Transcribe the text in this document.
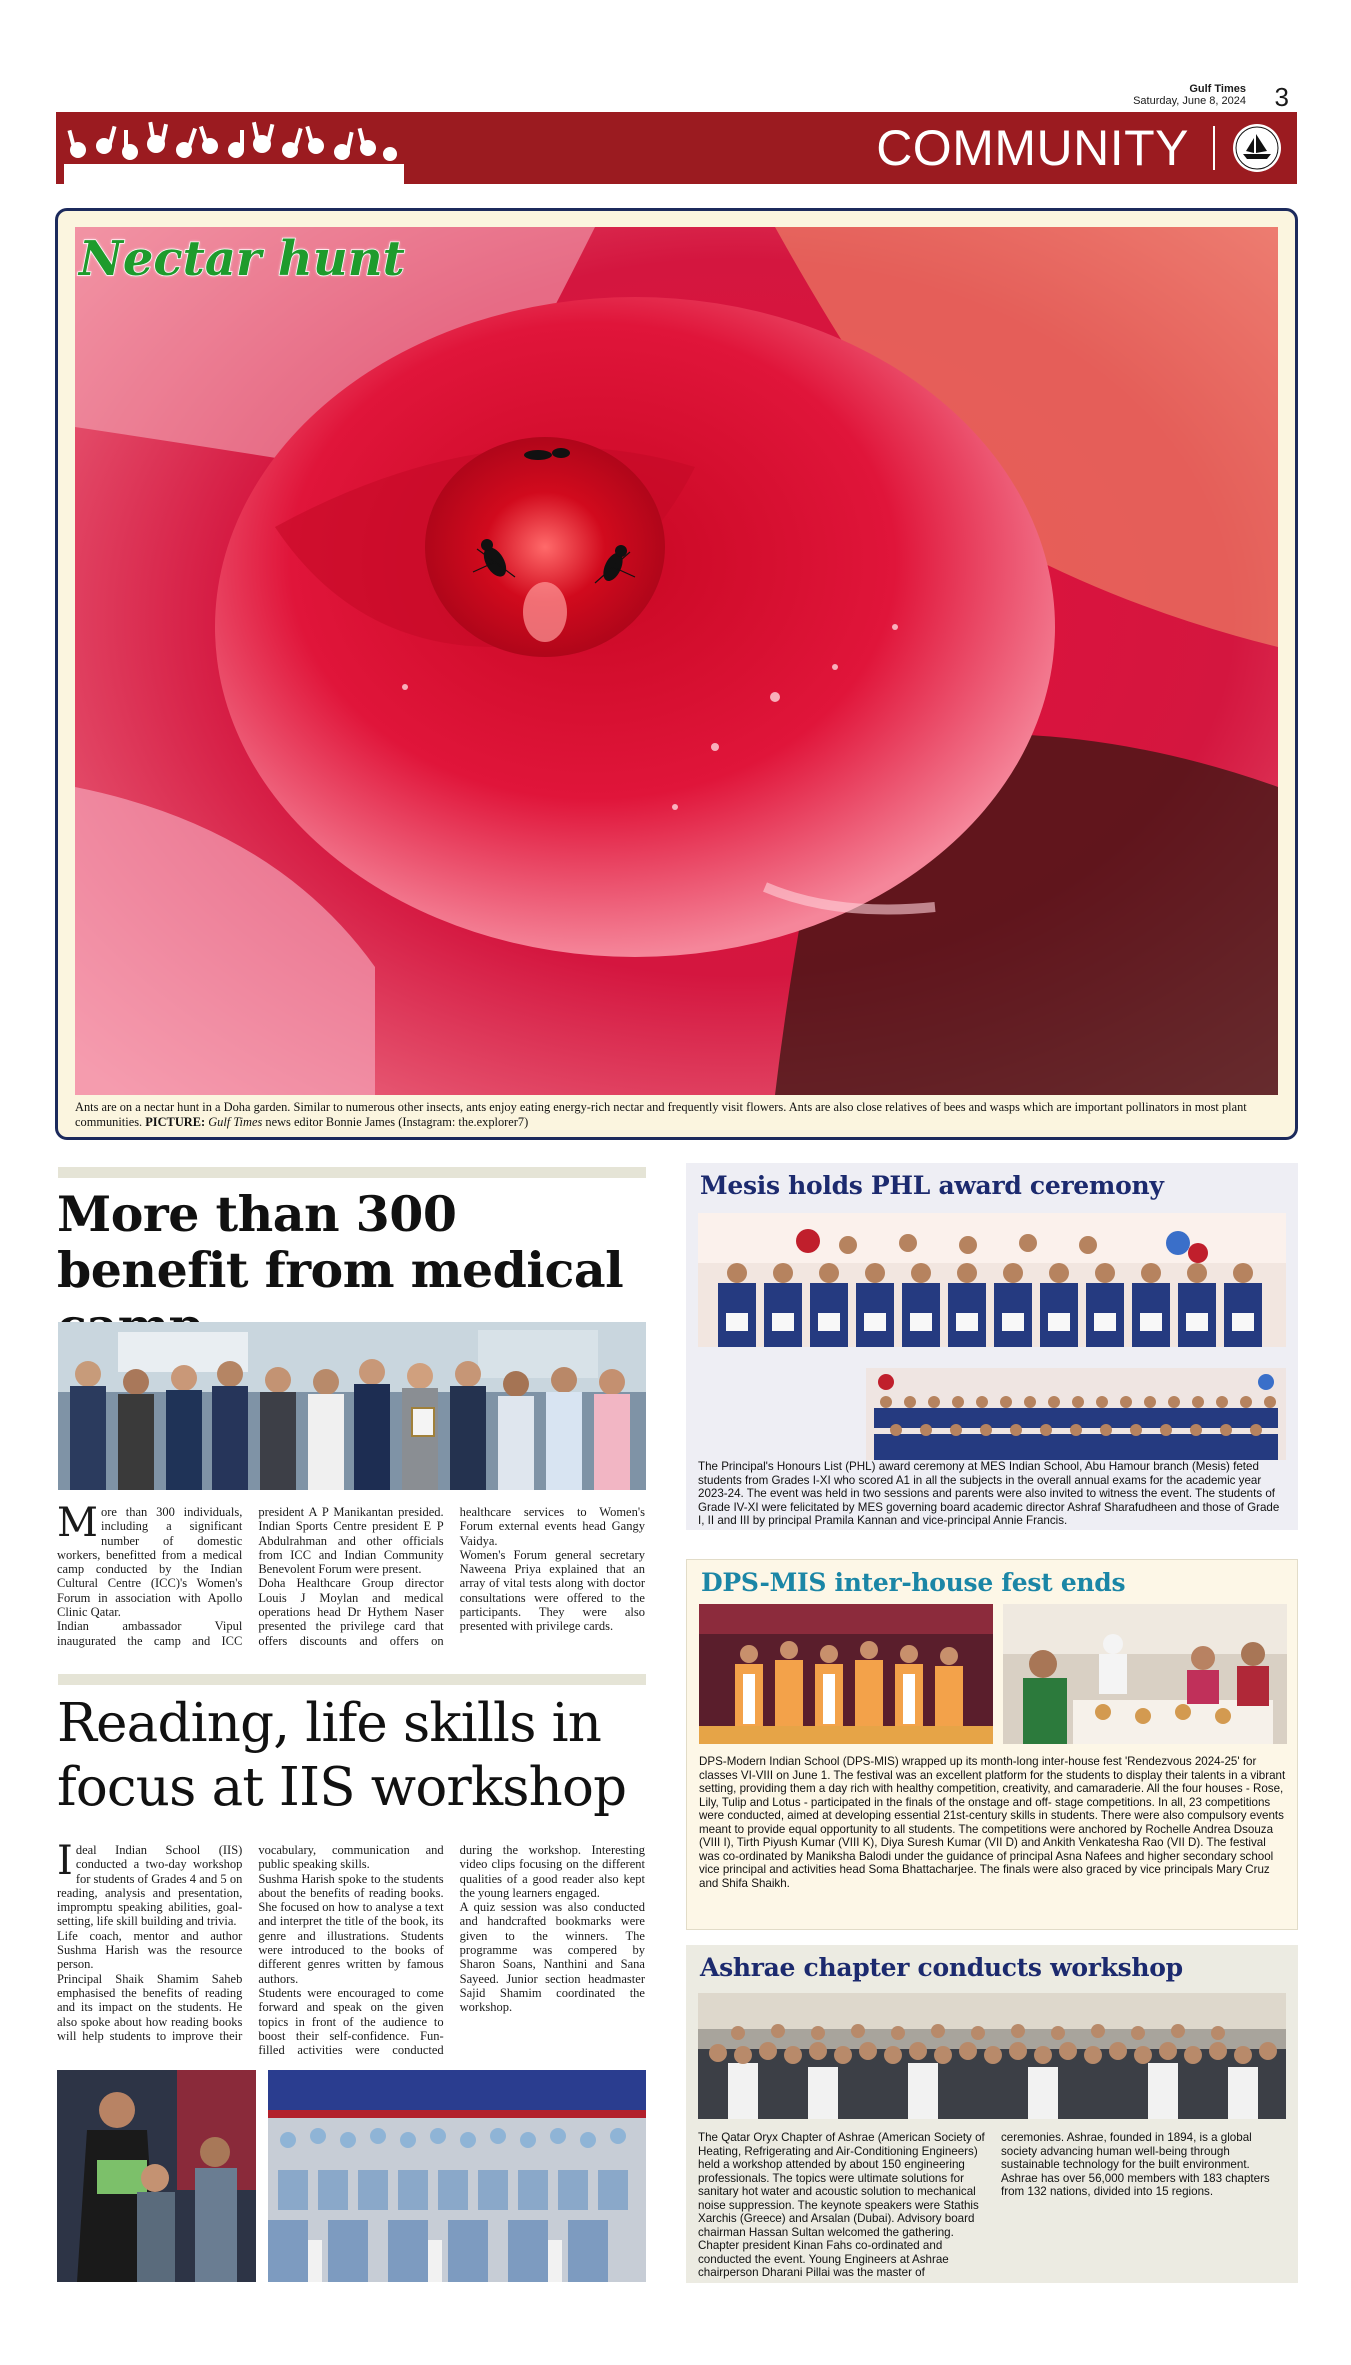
Gulf Times
Saturday, June 8, 2024 3
COMMUNITY
Nectar hunt
Ants are on a nectar hunt in a Doha garden. Similar to numerous other insects, ants enjoy eating energy-rich nectar and frequently visit flowers. Ants are also close relatives of bees and wasps which are important pollinators in most plant communities. PICTURE: Gulf Times news editor Bonnie James (Instagram: the.explorer7)
More than 300 benefit from medical

More than 300 individuals, including a significant number of domestic workers, benefitted from a medical camp conducted by the Indian Cultural Centre (ICC)'s Women's Forum in association with Apollo Clinic Qatar.

Indian ambassador Vipul inaugurated the camp and ICC president A P Manikantan presided. Indian Sports Centre president E P Abdulrahman and other officials from ICC and Indian Community Benevolent Forum were present.

Doha Healthcare Group director Louis J Moylan and medical operations head Dr Hythem Naser presented the privilege card that offers discounts and offers on healthcare services to Women's Forum external events head Gangy Vaidya.

Women's Forum general secretary Naweena Priya explained that an array of vital tests along with doctor consultations were offered to the participants. They were also presented with privilege cards.

Reading, life skills in focus at IIS workshop

Ideal Indian School (IIS) conducted a two-day workshop for students of Grades 4 and 5 on reading, analysis and presentation, impromptu speaking abilities, goal-setting, life skill building and trivia.

Life coach, mentor and author Sushma Harish was the resource person.

Principal Shaik Shamim Saheb emphasised the benefits of reading and its impact on the students. He also spoke about how reading books will help students to improve their vocabulary, communication and public speaking skills.

Sushma Harish spoke to the students about the benefits of reading books. She focused on how to analyse a text and interpret the title of the book, its genre and illustrations. Students were introduced to the books of different genres written by famous authors.

Students were encouraged to come forward and speak on the given topics in front of the audience to boost their self-confidence. Fun-filled activities were conducted during the workshop. Interesting video clips focusing on the different qualities of a good reader also kept the young learners engaged.

A quiz session was also conducted and handcrafted bookmarks were given to the winners. The programme was compered by Sharon Soans, Nanthini and Sana Sayeed. Junior section headmaster Sajid Shamim coordinated the workshop.

Mesis holds PHL award ceremony
The Principal's Honours List (PHL) award ceremony at MES Indian School, Abu Hamour branch (Mesis) feted students from Grades I-XI who scored A1 in all the subjects in the overall annual exams for the academic year 2023-24. The event was held in two sessions and parents were also invited to witness the event. The students of Grade IV-XI were felicitated by MES governing board academic director Ashraf Sharafudheen and those of Grade I, II and III by principal Pramila Kannan and vice-principal Annie Francis.
DPS-MIS inter-house fest ends
DPS-Modern Indian School (DPS-MIS) wrapped up its month-long inter-house fest 'Rendezvous 2024-25' for classes VI-VIII on June 1. The festival was an excellent platform for the students to display their talents in a vibrant setting, providing them a day rich with healthy competition, creativity, and camaraderie. All the four houses - Rose, Lily, Tulip and Lotus - participated in the finals of the onstage and off- stage competitions. In all, 23 competitions were conducted, aimed at developing essential 21st-century skills in students. There were also compulsory events meant to provide equal opportunity to all students. The competitions were anchored by Rochelle Andrea Dsouza (VIII I), Tirth Piyush Kumar (VIII K), Diya Suresh Kumar (VII D) and Ankith Venkatesha Rao (VII D). The festival was co-ordinated by Maniksha Balodi under the guidance of principal Asna Nafees and higher secondary school vice principal and activities head Soma Bhattacharjee. The finals were also graced by vice principals Mary Cruz and Shifa Shaikh.
Ashrae chapter conducts workshop
The Qatar Oryx Chapter of Ashrae (American Society of Heating, Refrigerating and Air-Conditioning Engineers) held a workshop attended by about 150 engineering professionals. The topics were ultimate solutions for sanitary hot water and acoustic solution to mechanical noise suppression. The keynote speakers were Stathis Xarchis (Greece) and Arsalan (Dubai). Advisory board chairman Hassan Sultan welcomed the gathering. Chapter president Kinan Fahs co-ordinated and conducted the event. Young Engineers at Ashrae chairperson Dharani Pillai was the master of ceremonies. Ashrae, founded in 1894, is a global society advancing human well-being through sustainable technology for the built environment. Ashrae has over 56,000 members with 183 chapters from 132 nations, divided into 15 regions.
